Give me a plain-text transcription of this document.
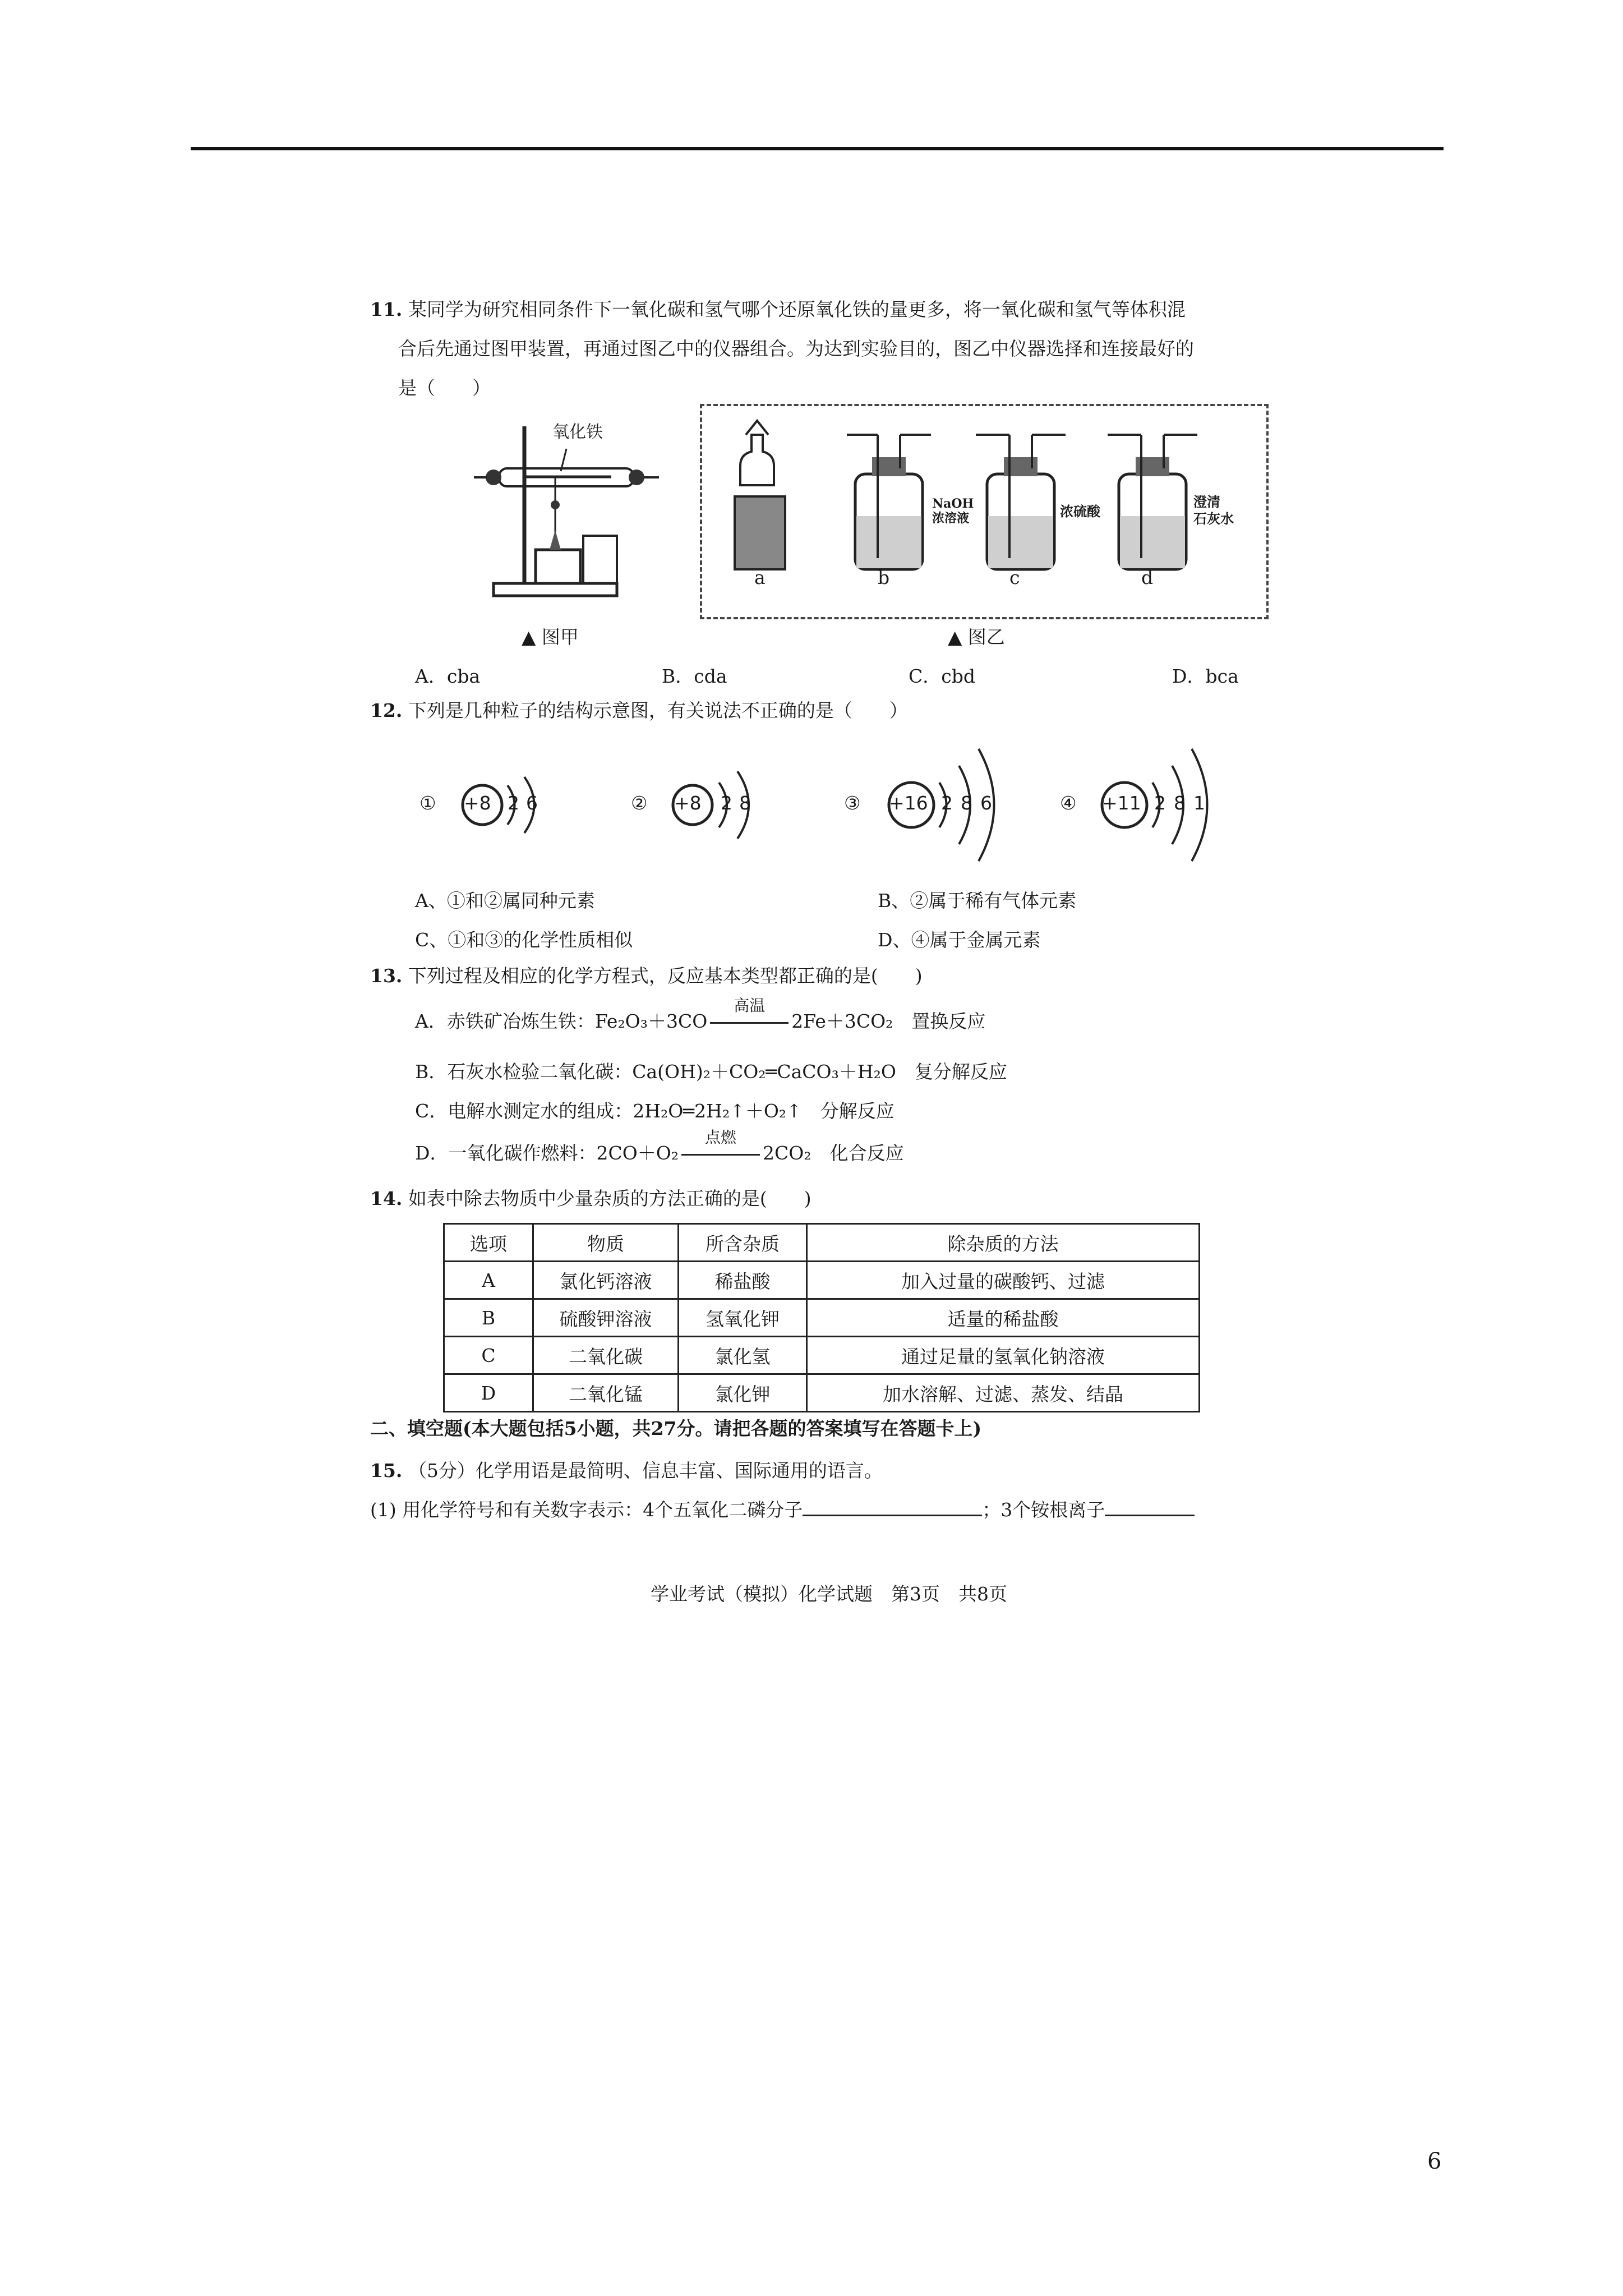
11. 某同学为研究相同条件下一氧化碳和氢气哪个还原氧化铁的量更多，将一氧化碳和氢气等体积混
合后先通过图甲装置，再通过图乙中的仪器组合。为达到实验目的，图乙中仪器选择和连接最好的
是（　　）
氧化铁
▲ 图甲
NaOH
浓溶液	浓硫酸
澄清
石灰水
a	b	c	d
▲ 图乙
A．cba	B．cda	C．cbd	D．bca
12. 下列是几种粒子的结构示意图，有关说法不正确的是（　　）
① +8 26	② +8 28	③ +16 286	④ +11 281
A、①和②属同种元素	B、②属于稀有气体元素
C、①和③的化学性质相似	D、④属于金属元素
13. 下列过程及相应的化学方程式，反应基本类型都正确的是(　　)
A．赤铁矿冶炼生铁：Fe₂O₃＋3CO
高温
2Fe＋3CO₂　置换反应
B．石灰水检验二氧化碳：Ca(OH)₂＋CO₂═CaCO₃＋H₂O　复分解反应
C．电解水测定水的组成：2H₂O═2H₂↑＋O₂↑　分解反应
D．一氧化碳作燃料：2CO＋O₂
点燃
2CO₂　化合反应
14. 如表中除去物质中少量杂质的方法正确的是(　　)
选项	物质	所含杂质	除杂质的方法
A	氯化钙溶液	稀盐酸	加入过量的碳酸钙、过滤
B	硫酸钾溶液	氢氧化钾	适量的稀盐酸
C	二氧化碳	氯化氢	通过足量的氢氧化钠溶液
D	二氧化锰	氯化钾	加水溶解、过滤、蒸发、结晶
二、填空题(本大题包括5小题，共27分。请把各题的答案填写在答题卡上)
15. （5分）化学用语是最简明、信息丰富、国际通用的语言。
(1) 用化学符号和有关数字表示：4个五氧化二磷分子	；3个铵根离子
学业考试（模拟）化学试题　第3页　共8页
6
